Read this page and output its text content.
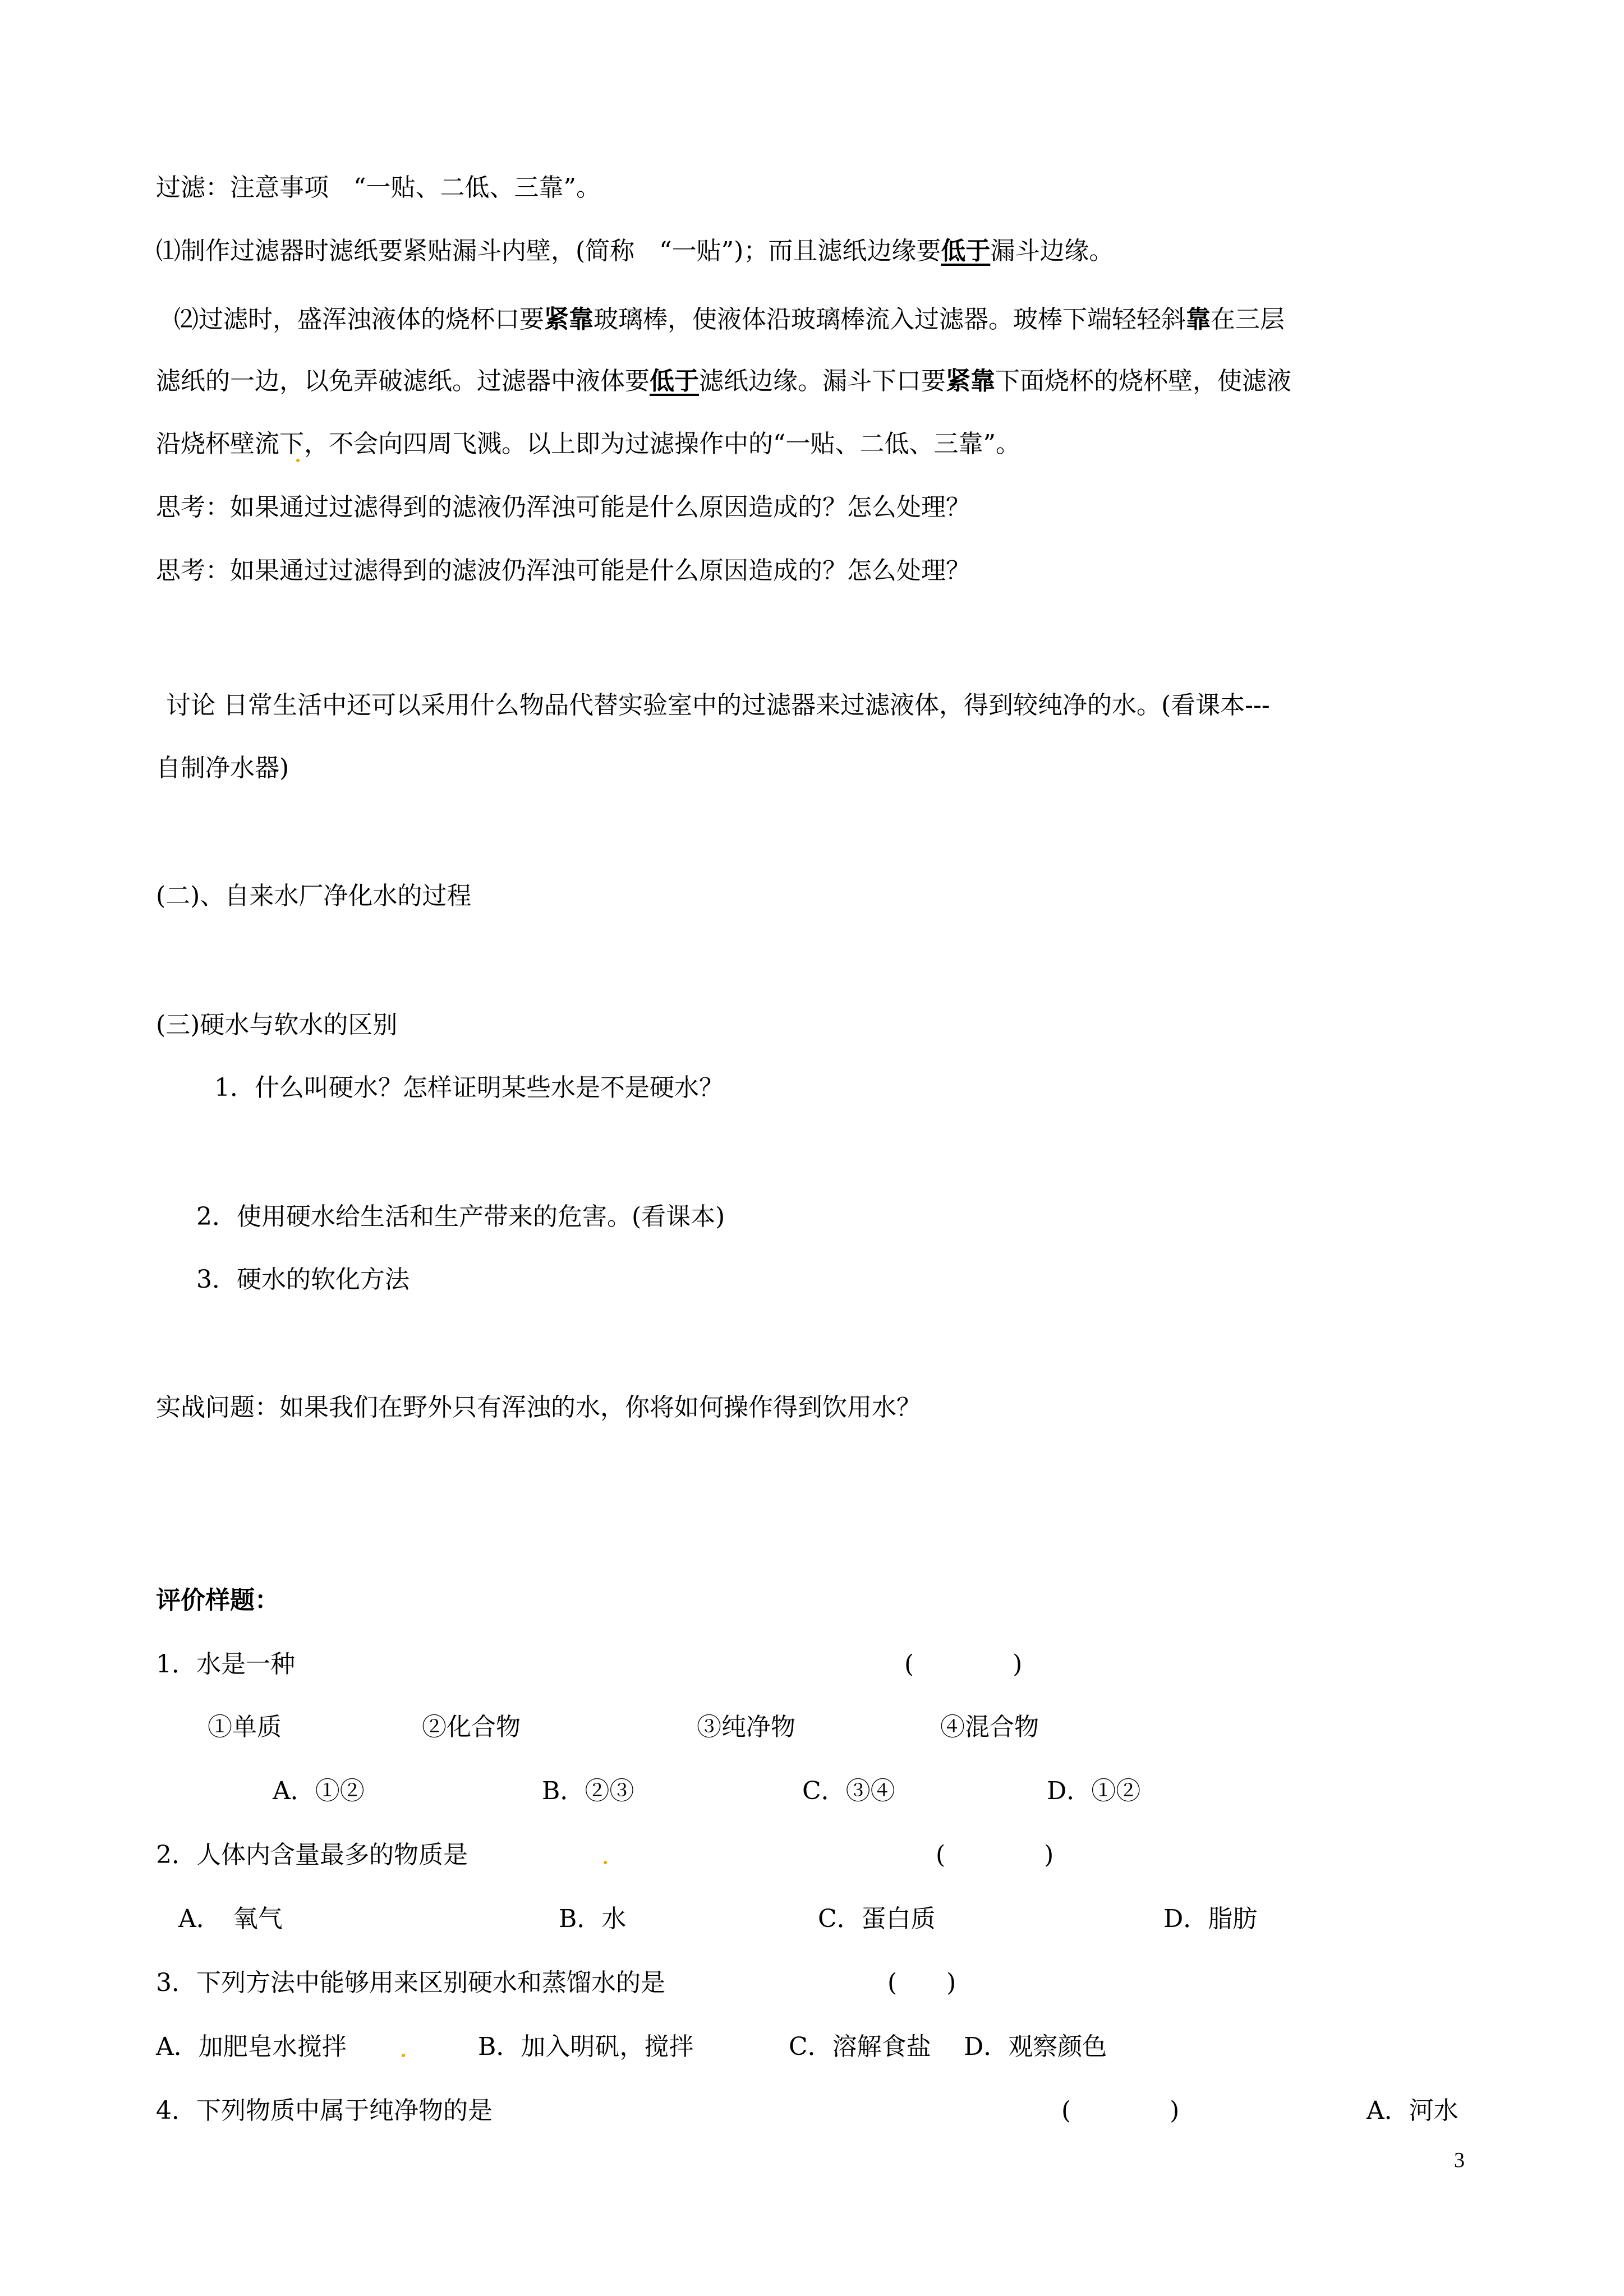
过滤：注意事项　“一贴、二低、三靠”。
⑴制作过滤器时滤纸要紧贴漏斗内壁，(简称　“一贴”)；而且滤纸边缘要低于漏斗边缘。
⑵过滤时，盛浑浊液体的烧杯口要紧靠玻璃棒，使液体沿玻璃棒流入过滤器。玻棒下端轻轻斜靠在三层
滤纸的一边，以免弄破滤纸。过滤器中液体要低于滤纸边缘。漏斗下口要紧靠下面烧杯的烧杯壁，使滤液
沿烧杯壁流下，不会向四周飞溅。以上即为过滤操作中的“一贴、二低、三靠”。
思考：如果通过过滤得到的滤液仍浑浊可能是什么原因造成的？怎么处理？
思考：如果通过过滤得到的滤波仍浑浊可能是什么原因造成的？怎么处理？
讨论 日常生活中还可以采用什么物品代替实验室中的过滤器来过滤液体，得到较纯净的水。(看课本---
自制净水器)
(二)、自来水厂净化水的过程
(三)硬水与软水的区别
1．什么叫硬水？怎样证明某些水是不是硬水？
2．使用硬水给生活和生产带来的危害。(看课本)
3．硬水的软化方法
实战问题：如果我们在野外只有浑浊的水，你将如何操作得到饮用水？
评价样题：
1．水是一种	(　　　　)
①单质	②化合物	③纯净物	④混合物
A．①②	B．②③	C．③④	D．①②
2．人体内含量最多的物质是	(　　　　)
A．　氧气	B．水	C．蛋白质	D．脂肪
3．下列方法中能够用来区别硬水和蒸馏水的是	(　　)
A．加肥皂水搅拌	B．加入明矾，搅拌	C．溶解食盐 D．观察颜色
4．下列物质中属于纯净物的是	(　　　　)	A．河水
3
